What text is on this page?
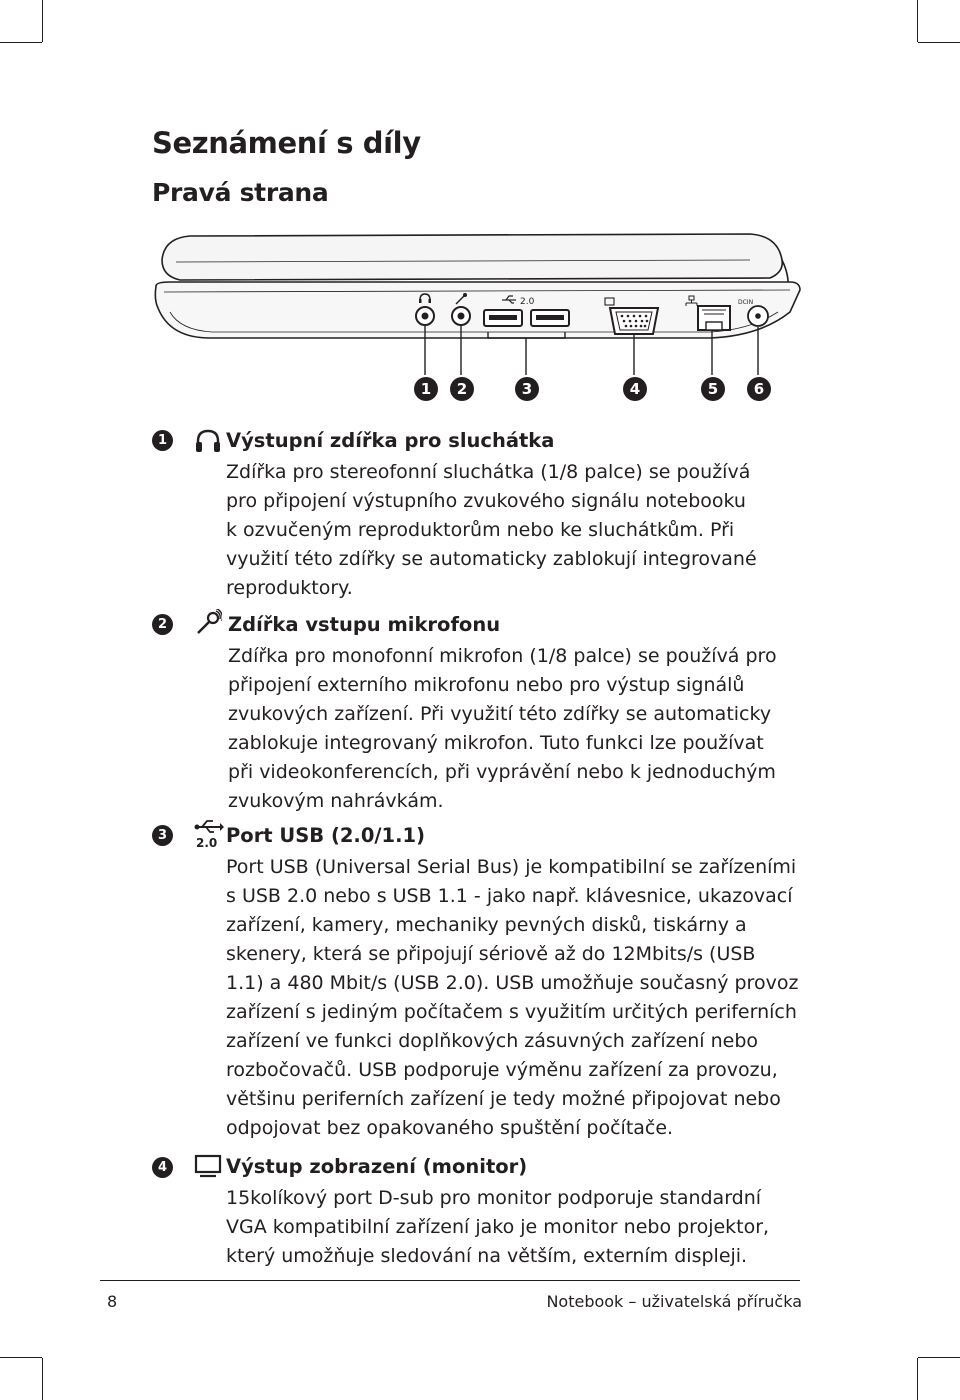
Seznámení s díly
Pravá strana
2.0	DCIN
1	2	3	4	5	6
1	Výstupní zdířka pro sluchátka

Zdířka pro stereofonní sluchátka (1/8 palce) se používá
pro připojení výstupního zvukového signálu notebooku
k ozvučeným reproduktorům nebo ke sluchátkům. Při
využití této zdířky se automaticky zablokují integrované
reproduktory.

2	Zdířka vstupu mikrofonu

Zdířka pro monofonní mikrofon (1/8 palce) se používá pro
připojení externího mikrofonu nebo pro výstup signálů
zvukových zařízení. Při využití této zdířky se automaticky
zablokuje integrovaný mikrofon. Tuto funkci lze používat
při videokonferencích, při vyprávění nebo k jednoduchým
zvukovým nahrávkám.

3	2.0 Port USB (2.0/1.1)

Port USB (Universal Serial Bus) je kompatibilní se zařízeními
s USB 2.0 nebo s USB 1.1 - jako např. klávesnice, ukazovací
zařízení, kamery, mechaniky pevných disků, tiskárny a
skenery, která se připojují sériově až do 12Mbits/s (USB
1.1) a 480 Mbit/s (USB 2.0). USB umožňuje současný provoz
zařízení s jediným počítačem s využitím určitých periferních
zařízení ve funkci doplňkových zásuvných zařízení nebo
rozbočovačů. USB podporuje výměnu zařízení za provozu,
většinu periferních zařízení je tedy možné připojovat nebo
odpojovat bez opakovaného spuštění počítače.

4	Výstup zobrazení (monitor)

15kolíkový port D-sub pro monitor podporuje standardní
VGA kompatibilní zařízení jako je monitor nebo projektor,
který umožňuje sledování na větším, externím displeji.

8	Notebook – uživatelská příručka
